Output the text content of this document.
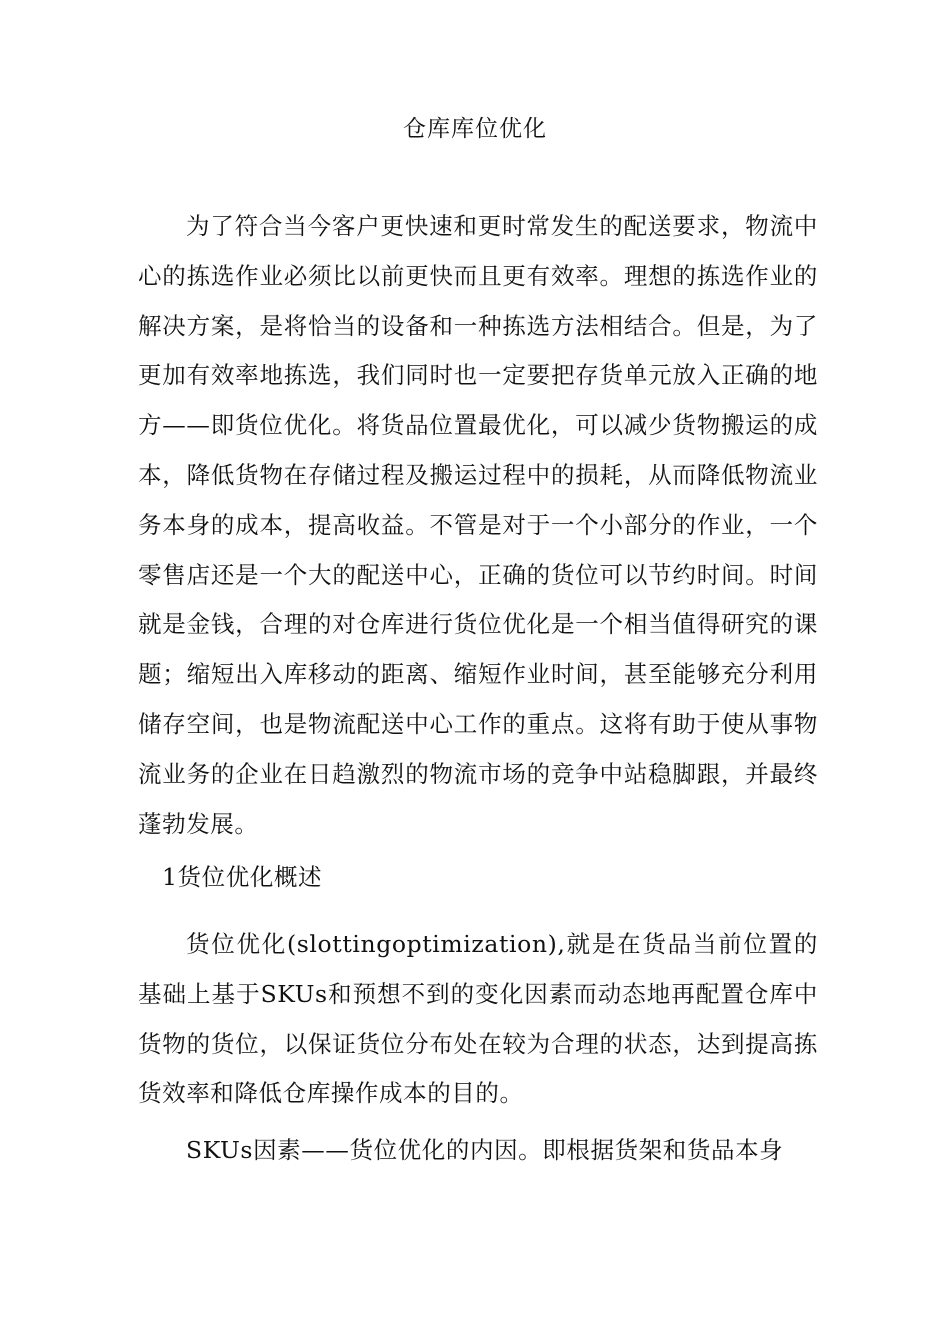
仓库库位优化

为了符合当今客户更快速和更时常发生的配送要求，物流中心的拣选作业必须比以前更快而且更有效率。理想的拣选作业的解决方案，是将恰当的设备和一种拣选方法相结合。但是，为了更加有效率地拣选，我们同时也一定要把存货单元放入正确的地方——即货位优化。将货品位置最优化，可以减少货物搬运的成本，降低货物在存储过程及搬运过程中的损耗，从而降低物流业务本身的成本，提高收益。不管是对于一个小部分的作业，一个零售店还是一个大的配送中心，正确的货位可以节约时间。时间就是金钱，合理的对仓库进行货位优化是一个相当值得研究的课题；缩短出入库移动的距离、缩短作业时间，甚至能够充分利用储存空间，也是物流配送中心工作的重点。这将有助于使从事物流业务的企业在日趋激烈的物流市场的竞争中站稳脚跟，并最终蓬勃发展。

1货位优化概述

货位优化(slottingoptimization),就是在货品当前位置的基础上基于SKUs和预想不到的变化因素而动态地再配置仓库中货物的货位，以保证货位分布处在较为合理的状态，达到提高拣货效率和降低仓库操作成本的目的。

SKUs因素——货位优化的内因。即根据货架和货品本身
